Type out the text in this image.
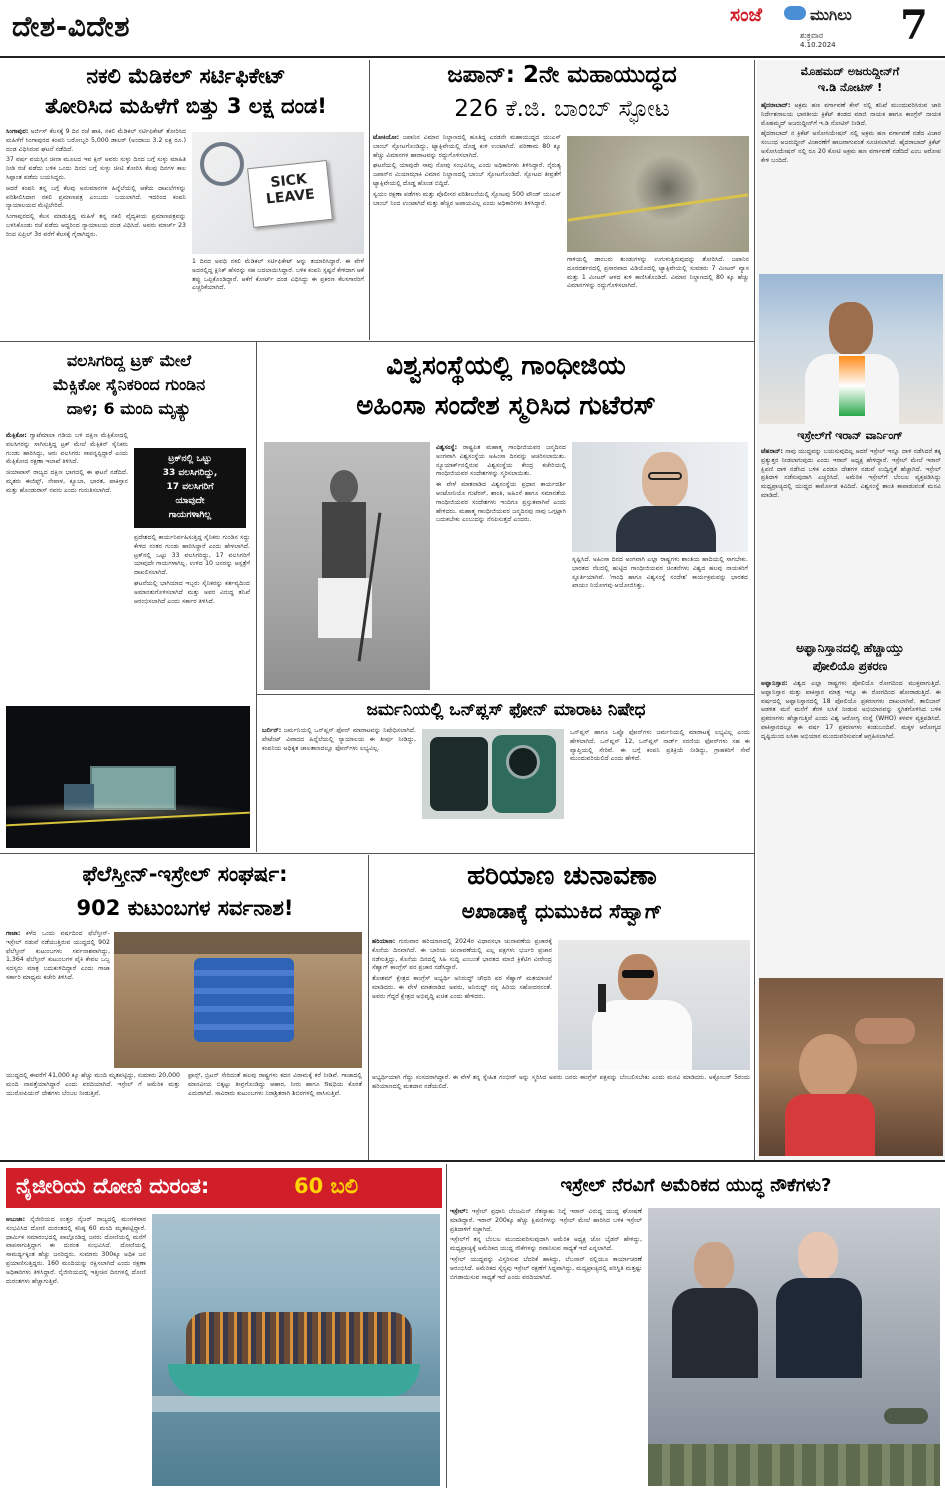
ದೇಶ-ವಿದೇಶ	ಸಂಜೆ	ಮುಗಿಲು
ಶುಕ್ರವಾರ
4.10.2024 7
ನಕಲಿ ಮೆಡಿಕಲ್ ಸರ್ಟಿಫಿಕೇಟ್
ತೋರಿಸಿದ ಮಹಿಳೆಗೆ ಬಿತ್ತು 3 ಲಕ್ಷ ದಂಡ!

ಸಿಂಗಾಪುರ: ಅರ್ಜಿಸ್ ಕೆಲಸಕ್ಕೆ 9 ದಿನ ರಜೆ ಹಾಕಿ, ನಕಲಿ ಮೆಡಿಕಲ್ ಸರ್ಟಿಫಿಕೇಟ್ ತೋರಿಸಿದ ಮಹಿಳೆಗೆ ಸಿಂಗಾಪುರದ ಕಂಪನಿ ಬರೋಬ್ಬರಿ 5,000 ಡಾಲರ್ (ಅಂದಾಜು 3.2 ಲಕ್ಷ ರೂ.) ದಂಡ ವಿಧಿಸಿರುವ ಘಟನೆ ನಡೆದಿದೆ.

37 ವರ್ಷ ವಯಸ್ಸಿನ ಚೀನಾ ಮೂಲದ ಇವ ಕ್ಸಿನ್ ಅವರು ಸುಳ್ಳು ದಿನದ ಬಗ್ಗೆ ಸುಳ್ಳು ಮಾಹಿತಿ ನೀಡಿ ರಜೆ ಪಡೆದು ಬಳಿಕ ಒಂದು ದಿನದ ಬಗ್ಗೆ ಸುಳ್ಳು ಚೀಟಿ ತೋರಿಸಿ ಕೆಲವು ದಿನಗಳ ಕಾಲ ಸಿಪ್ಪಾಂತ ಪಡೆದು ಬಯಸಿದ್ದರು.

ಆದರೆ ಕಂಪನಿ ತನ್ನ ಬಗ್ಗೆ ಕೆಲವು ಅನುಮಾನಗಳ ಹಿನ್ನೆಲೆಯಲ್ಲಿ ಆಕೆಯ ದಾಖಲೆಗಳನ್ನು ಪರಿಶೀಲಿಸಿದಾಗ ನಕಲಿ ಪ್ರಮಾಣಪತ್ರ ಎಂಬುದು ಬಯಲಾಗಿದೆ. ಇದರಿಂದ ಕಂಪನಿ ನ್ಯಾಯಾಲಯದ ಮೆಟ್ಟಿಲೇರಿದೆ.

ಸಿಂಗಾಪುರದಲ್ಲಿ ಕೆಲಸ ಮಾಡುತ್ತಿದ್ದ ಮಹಿಳೆ ತನ್ನ ನಕಲಿ ವೈದ್ಯಕೀಯ ಪ್ರಮಾಣಪತ್ರವನ್ನು ಬಳಸಿಕೊಂಡು ರಜೆ ಪಡೆದು ಆದ್ದರಿಂದ ನ್ಯಾಯಾಲಯ ದಂಡ ವಿಧಿಸಿದೆ. ಅವರು ಮಾರ್ಚ್ 23 ರಿಂದ ಏಪ್ರಿಲ್ 3ರ ವರೆಗೆ ಕೆಲಸಕ್ಕೆ ಗೈರಾಗಿದ್ದರು.

SICK
LEAVE

1 ದಿನದ ಅವಧಿ ನಕಲಿ ಮೆಡಿಕಲ್ ಸರ್ಟಿಫಿಕೇಟ್ ಅನ್ನು ತಯಾರಿಸಿದ್ದಾರೆ. ಈ ವೇಳೆ ಅದರಲ್ಲಿದ್ದ ಕ್ಲಿನಿಕ್ ಹೆಸರನ್ನು ಸಹ ಬದಲಾಯಿಸಿದ್ದಾರೆ. ಬಳಿಕ ಕಂಪನಿ ಸ್ಪಷ್ಟನೆ ಕೇಳಿದಾಗ ಆಕೆ ತಪ್ಪು ಒಪ್ಪಿಕೊಂಡಿದ್ದಾರೆ. ಆಕೆಗೆ ಕೋರ್ಟ್ ದಂಡ ವಿಧಿಸಿದ್ದು ಈ ಪ್ರಕರಣ ಕೆಲಸಗಾರರಿಗೆ ಎಚ್ಚರಿಕೆಯಾಗಿದೆ.

ಜಪಾನ್: 2ನೇ ಮಹಾಯುದ್ಧದ
226 ಕೆ.ಜಿ. ಬಾಂಬ್ ಸ್ಫೋಟ

ಟೋಕಿಯೋ: ಜಪಾನಿನ ವಿಮಾನ ನಿಲ್ದಾಣದಲ್ಲಿ ಹೂತಿದ್ದ ಎರಡನೇ ಮಹಾಯುದ್ಧದ ಯುಎಸ್ ಬಾಂಬ್ ಸ್ಫೋಟಗೊಂಡಿದ್ದು, ಟ್ಯಾಕ್ಸಿವೇಯಲ್ಲಿ ದೊಡ್ಡ ಕುಳಿ ಉಂಟಾಗಿದೆ. ಪರಿಣಾಮ 80 ಕ್ಕೂ ಹೆಚ್ಚು ವಿಮಾನಗಳ ಹಾರಾಟವನ್ನು ರದ್ದುಗೊಳಿಸಲಾಗಿದೆ.

ಘಟನೆಯಲ್ಲಿ ಯಾವುದೇ ಸಾವು ನೋವು ಸಂಭವಿಸಿಲ್ಲ ಎಂದು ಅಧಿಕಾರಿಗಳು ತಿಳಿಸಿದ್ದಾರೆ. ನೈರುತ್ಯ ಜಪಾನ್‌ನ ಮಿಯಾಝಾಕಿ ವಿಮಾನ ನಿಲ್ದಾಣದಲ್ಲಿ ಬಾಂಬ್ ಸ್ಫೋಟಗೊಂಡಿದೆ. ಸ್ಫೋಟದ ತೀವ್ರತೆಗೆ ಟ್ಯಾಕ್ಸಿವೇಯಲ್ಲಿ ದೊಡ್ಡ ಹೊಂಡ ಬಿದ್ದಿದೆ.

ಸ್ವಯಂ ರಕ್ಷಣಾ ಪಡೆಗಳು ಮತ್ತು ಪೊಲೀಸರ ಪರಿಶೀಲನೆಯಲ್ಲಿ ಸ್ಫೋಟವು 500 ಪೌಂಡ್ ಯುಎಸ್ ಬಾಂಬ್ ನಿಂದ ಉಂಟಾಗಿದೆ ಮತ್ತು ಹೆಚ್ಚಿನ ಅಪಾಯವಿಲ್ಲ ಎಂದು ಅಧಿಕಾರಿಗಳು ತಿಳಿಸಿದ್ದಾರೆ.

ಗಾಳಿಯಲ್ಲಿ ಡಾಂಬರು ತುಂಡುಗಳನ್ನು ಉಗುಳುತ್ತಿರುವುದನ್ನು ತೋರಿಸಿದೆ. ಜಪಾನಿನ ದೂರದರ್ಶನದಲ್ಲಿ ಪ್ರಸಾರವಾದ ವಿಡಿಯೊದಲ್ಲಿ ಟ್ಯಾಕ್ಸಿವೇಯಲ್ಲಿ ಸುಮಾರು 7 ಮೀಟರ್ ವ್ಯಾಸ ಮತ್ತು 1 ಮೀಟರ್ ಆಳದ ಕುಳಿ ಕಾಣಿಸಿಕೊಂಡಿದೆ. ವಿಮಾನ ನಿಲ್ದಾಣದಲ್ಲಿ 80 ಕ್ಕೂ ಹೆಚ್ಚು ವಿಮಾನಗಳನ್ನು ರದ್ದುಗೊಳಿಸಲಾಗಿದೆ.

ಮೊಹಮದ್ ಅಜರುದ್ದೀನ್‌ಗೆ
ಇ.ಡಿ ನೋಟಿಸ್ !

ಹೈದರಾಬಾದ್: ಅಕ್ರಮ ಹಣ ವರ್ಗಾವಣೆ ಕೇಸ್ ನಲ್ಲಿ ತನಿಖೆ ಮುಂದುವರಿಸಿರುವ ಜಾರಿ ನಿರ್ದೇಶನಾಲಯ ಭಾರತೀಯ ಕ್ರಿಕೆಟ್ ತಂಡದ ಮಾಜಿ ನಾಯಕ ಹಾಗೂ ಕಾಂಗ್ರೆಸ್ ನಾಯಕ ಮೊಹಮ್ಮದ್ ಅಜರುದ್ದೀನ್‌ಗೆ ಇ.ಡಿ ನೋಟಿಸ್ ನೀಡಿದೆ.

ಹೈದರಾಬಾದ್ ನ ಕ್ರಿಕೆಟ್ ಅಸೋಸಿಯೇಷನ್ ನಲ್ಲಿ ಅಕ್ರಮ ಹಣ ವರ್ಗಾವಣೆ ನಡೆದ ವಿಚಾರ ಸಂಬಂಧ ಅಜರುದ್ದೀನ್ ವಿಚಾರಣೆಗೆ ಹಾಜರಾಗುವಂತೆ ಸೂಚಿಸಲಾಗಿದೆ. ಹೈದರಾಬಾದ್ ಕ್ರಿಕೆಟ್ ಅಸೋಸಿಯೇಷನ್ ನಲ್ಲಿ ರೂ 20 ಕೋಟಿ ಅಕ್ರಮ ಹಣ ವರ್ಗಾವಣೆ ನಡೆದಿದೆ ಎಂಬ ಆರೋಪ ಕೇಳಿ ಬಂದಿದೆ.

ಇಸ್ರೇಲ್‌ಗೆ ಇರಾನ್ ವಾರ್ನಿಂಗ್

ಟೆಹರಾನ್: ನಾವು ಯುದ್ಧವನ್ನು ಬಯಸುವುದಿಲ್ಲ ಆದರೆ ಇಸ್ರೇಲ್ ಇನ್ನೂ ದಾಳಿ ನಡೆಸಿದರೆ ತಕ್ಕ ಪ್ರತ್ಯುತ್ತರ ನೀಡಲಾಗುವುದು ಎಂದು ಇರಾನ್ ಅಧ್ಯಕ್ಷ ಹೇಳಿದ್ದಾರೆ. ಇಸ್ರೇಲ್ ಮೇಲೆ ಇರಾನ್ ಕ್ಷಿಪಣಿ ದಾಳಿ ನಡೆಸಿದ ಬಳಿಕ ಎರಡೂ ದೇಶಗಳ ನಡುವೆ ಉದ್ವಿಗ್ನತೆ ಹೆಚ್ಚಾಗಿದೆ. ಇಸ್ರೇಲ್ ಪ್ರತಿದಾಳಿ ನಡೆಸುವುದಾಗಿ ಎಚ್ಚರಿಸಿದೆ. ಅಮೆರಿಕ ಇಸ್ರೇಲ್‌ಗೆ ಬೆಂಬಲ ವ್ಯಕ್ತಪಡಿಸಿದ್ದು ಮಧ್ಯಪ್ರಾಚ್ಯದಲ್ಲಿ ಯುದ್ಧದ ಕಾರ್ಮೋಡ ಕವಿದಿದೆ. ವಿಶ್ವಸಂಸ್ಥೆ ಶಾಂತಿ ಕಾಪಾಡುವಂತೆ ಮನವಿ ಮಾಡಿದೆ.

ಅಫ್ಘಾನಿಸ್ತಾನದಲ್ಲಿ ಹೆಚ್ಚಾಯ್ತು
ಪೋಲಿಯೊ ಪ್ರಕರಣ

ಅಫ್ಘಾನಿಸ್ತಾನ: ವಿಶ್ವದ ಎಲ್ಲಾ ರಾಷ್ಟ್ರಗಳು ಪೋಲಿಯೊ ರೋಗದಿಂದ ಮುಕ್ತವಾಗುತ್ತಿದೆ. ಅಫ್ಘಾನಿಸ್ತಾನ ಮತ್ತು ಪಾಕಿಸ್ತಾನ ಮಾತ್ರ ಇನ್ನೂ ಈ ರೋಗದಿಂದ ಹೋರಾಡುತ್ತಿದೆ. ಈ ವರ್ಷದಲ್ಲಿ ಅಫ್ಘಾನಿಸ್ತಾನದಲ್ಲಿ 18 ಪೋಲಿಯೊ ಪ್ರಕರಣಗಳು ದಾಖಲಾಗಿವೆ. ತಾಲಿಬಾನ್ ಆಡಳಿತ ಮನೆ ಮನೆಗೆ ತೆರಳಿ ಲಸಿಕೆ ನೀಡುವ ಅಭಿಯಾನವನ್ನು ಸ್ಥಗಿತಗೊಳಿಸಿದ ಬಳಿಕ ಪ್ರಕರಣಗಳು ಹೆಚ್ಚಾಗುತ್ತಿವೆ ಎಂದು ವಿಶ್ವ ಆರೋಗ್ಯ ಸಂಸ್ಥೆ (WHO) ಕಳವಳ ವ್ಯಕ್ತಪಡಿಸಿದೆ. ಪಾಕಿಸ್ತಾನದಲ್ಲೂ ಈ ವರ್ಷ 17 ಪ್ರಕರಣಗಳು ಕಂಡುಬಂದಿವೆ. ಮಕ್ಕಳ ಆರೋಗ್ಯದ ದೃಷ್ಟಿಯಿಂದ ಲಸಿಕಾ ಅಭಿಯಾನ ಮುಂದುವರಿಸುವಂತೆ ಆಗ್ರಹಿಸಲಾಗಿದೆ.

ವಲಸಿಗರಿದ್ದ ಟ್ರಕ್ ಮೇಲೆ
ಮೆಕ್ಸಿಕೋ ಸೈನಿಕರಿಂದ ಗುಂಡಿನ
ದಾಳಿ; 6 ಮಂದಿ ಮೃತ್ಯು

ಮೆಕ್ಸಿಕೋ: ಗ್ವಾಟೆಮಾಲಾ ಗಡಿಯ ಬಳಿ ದಕ್ಷಿಣ ಮೆಕ್ಸಿಕೋದಲ್ಲಿ ವಲಸಿಗರನ್ನು ಸಾಗಿಸುತ್ತಿದ್ದ ಟ್ರಕ್ ಮೇಲೆ ಮೆಕ್ಸಿಕನ್ ಸೈನಿಕರು ಗುಂಡು ಹಾರಿಸಿದ್ದು, ಆರು ವಲಸಿಗರು ಸಾವನ್ನಪ್ಪಿದ್ದಾರೆ ಎಂದು ಮೆಕ್ಸಿಕೋದ ರಕ್ಷಣಾ ಇಲಾಖೆ ತಿಳಿಸಿದೆ.

ಚಿಯಾಪಾಸ್ ರಾಜ್ಯದ ದಕ್ಷಿಣ ಭಾಗದಲ್ಲಿ ಈ ಘಟನೆ ನಡೆದಿದೆ. ಮೃತರು ಈಜಿಪ್ಟ್, ನೇಪಾಳ, ಕ್ಯೂಬಾ, ಭಾರತ, ಪಾಕಿಸ್ತಾನ ಮತ್ತು ಹೊಂಡುರಾಸ್ ನವರು ಎಂದು ಗುರುತಿಸಲಾಗಿದೆ.

ಟ್ರಕ್‌ನಲ್ಲಿ ಒಟ್ಟು
33 ವಲಸಿಗರಿದ್ದು,
17 ವಲಸಿಗರಿಗೆ
ಯಾವುದೇ
ಗಾಯಗಳಾಗಿಲ್ಲ

ಪ್ರದೇಶದಲ್ಲಿ ಕಾರ್ಯನಿರ್ವಹಿಸುತ್ತಿದ್ದ ಸೈನಿಕರು ಗುಂಡಿನ ಸದ್ದು ಕೇಳಿದ ನಂತರ ಗುಂಡು ಹಾರಿಸಿದ್ದಾರೆ ಎಂದು ಹೇಳಲಾಗಿದೆ. ಟ್ರಕ್‌ನಲ್ಲಿ ಒಟ್ಟು 33 ವಲಸಿಗರಿದ್ದು, 17 ವಲಸಿಗರಿಗೆ ಯಾವುದೇ ಗಾಯಗಳಾಗಿಲ್ಲ. ಉಳಿದ 10 ಜನರನ್ನು ಆಸ್ಪತ್ರೆಗೆ ದಾಖಲಿಸಲಾಗಿದೆ.

ಘಟನೆಯಲ್ಲಿ ಭಾಗಿಯಾದ ಇಬ್ಬರು ಸೈನಿಕರನ್ನು ಕರ್ತವ್ಯದಿಂದ ಅಮಾನತುಗೊಳಿಸಲಾಗಿದೆ ಮತ್ತು ಅವರ ವಿರುದ್ಧ ತನಿಖೆ ಆರಂಭಿಸಲಾಗಿದೆ ಎಂದು ಸರ್ಕಾರ ತಿಳಿಸಿದೆ.

ವಿಶ್ವಸಂಸ್ಥೆಯಲ್ಲಿ ಗಾಂಧೀಜಿಯ
ಅಹಿಂಸಾ ಸಂದೇಶ ಸ್ಮರಿಸಿದ ಗುಟೆರಸ್

ವಿಶ್ವಸಂಸ್ಥೆ: ರಾಷ್ಟ್ರಪಿತ ಮಹಾತ್ಮ ಗಾಂಧೀಜಿಯವರ ಜನ್ಮದಿನದ ಅಂಗವಾಗಿ ವಿಶ್ವಸಂಸ್ಥೆಯ ಅಹಿಂಸಾ ದಿನವನ್ನು ಆಚರಿಸಲಾಯಿತು. ನ್ಯೂಯಾರ್ಕ್‌ನಲ್ಲಿರುವ ವಿಶ್ವಸಂಸ್ಥೆಯ ಕೇಂದ್ರ ಕಚೇರಿಯಲ್ಲಿ ಗಾಂಧೀಜಿಯವರ ಸಂದೇಶಗಳನ್ನು ಸ್ಮರಿಸಲಾಯಿತು.

ಈ ವೇಳೆ ಮಾತನಾಡಿದ ವಿಶ್ವಸಂಸ್ಥೆಯ ಪ್ರಧಾನ ಕಾರ್ಯದರ್ಶಿ ಆಂಟೋನಿಯೊ ಗುಟೆರಸ್, ಶಾಂತಿ, ಅಹಿಂಸೆ ಹಾಗೂ ಸಮಾನತೆಯ ಗಾಂಧೀಜಿಯವರ ಸಂದೇಶಗಳು ಇಂದಿಗೂ ಪ್ರಸ್ತುತವಾಗಿವೆ ಎಂದು ಹೇಳಿದರು. ಮಹಾತ್ಮ ಗಾಂಧೀಜಿಯವರ ಜನ್ಮದಿನವು ನಾವು ಒಗ್ಗಟ್ಟಾಗಿ ಬದುಕಬೇಕು ಎಂಬುದನ್ನು ನೆನಪಿಸುತ್ತದೆ ಎಂದರು.

ಸೃಷ್ಟಿಸಿದೆ. ಅಹಿಂಸಾ ದಿನದ ಅಂಗವಾಗಿ ಎಲ್ಲಾ ರಾಷ್ಟ್ರಗಳು ಶಾಂತಿಯ ಹಾದಿಯಲ್ಲಿ ಸಾಗಬೇಕು. ಭಾರತದ ನೆಲದಲ್ಲಿ ಹುಟ್ಟಿದ ಗಾಂಧೀಜಿಯವರ ಚಿಂತನೆಗಳು ವಿಶ್ವದ ಹಲವು ನಾಯಕರಿಗೆ ಸ್ಫೂರ್ತಿಯಾಗಿವೆ. 'ಗಾಂಧಿ ಹಾಗೂ ವಿಶ್ವಸಂಸ್ಥೆ ಸಂದೇಶ' ಕಾರ್ಯಕ್ರಮವನ್ನು ಭಾರತದ ಖಾಯಂ ನಿಯೋಗವು ಆಯೋಜಿಸಿತ್ತು.

ಜರ್ಮನಿಯಲ್ಲಿ ಒನ್‌ಪ್ಲಸ್ ಫೋನ್ ಮಾರಾಟ ನಿಷೇಧ

ಬರ್ಲಿನ್: ಜರ್ಮನಿಯಲ್ಲಿ ಒನ್‌ಪ್ಲಸ್ ಫೋನ್ ಮಾರಾಟವನ್ನು ನಿಷೇಧಿಸಲಾಗಿದೆ. ಪೇಟೆಂಟ್ ವಿವಾದದ ಹಿನ್ನೆಲೆಯಲ್ಲಿ ನ್ಯಾಯಾಲಯ ಈ ತೀರ್ಪು ನೀಡಿದ್ದು, ಕಂಪನಿಯ ಅಧಿಕೃತ ಜಾಲತಾಣದಲ್ಲೂ ಫೋನ್‌ಗಳು ಲಭ್ಯವಿಲ್ಲ.

ಒನ್‌ಪ್ಲಸ್ ಹಾಗೂ ಒಪ್ಪೊ ಫೋನ್‌ಗಳು ಜರ್ಮನಿಯಲ್ಲಿ ಮಾರಾಟಕ್ಕೆ ಲಭ್ಯವಿಲ್ಲ ಎಂದು ಹೇಳಲಾಗಿದೆ. ಒನ್‌ಪ್ಲಸ್ 12, ಒನ್‌ಪ್ಲಸ್ ನಾರ್ಡ್ ಸರಣಿಯ ಫೋನ್‌ಗಳು ಸಹ ಈ ವ್ಯಾಪ್ತಿಯಲ್ಲಿ ಸೇರಿವೆ. ಈ ಬಗ್ಗೆ ಕಂಪನಿ ಪ್ರತಿಕ್ರಿಯೆ ನೀಡಿದ್ದು, ಗ್ರಾಹಕರಿಗೆ ಸೇವೆ ಮುಂದುವರಿಯಲಿದೆ ಎಂದು ಹೇಳಿದೆ.

ಫೆಲೆಸ್ತೀನ್-ಇಸ್ರೇಲ್ ಸಂಘರ್ಷ:
902 ಕುಟುಂಬಗಳ ಸರ್ವನಾಶ!

ಗಾಜಾ: ಕಳೆದ ಒಂದು ವರ್ಷದಿಂದ ಫೆಲೆಸ್ತೀನ್-ಇಸ್ರೇಲ್ ನಡುವೆ ನಡೆಯುತ್ತಿರುವ ಯುದ್ಧದಲ್ಲಿ 902 ಫೆಲೆಸ್ತೀನ್ ಕುಟುಂಬಗಳು ಸರ್ವನಾಶವಾಗಿದ್ದು, 1,364 ಫೆಲೆಸ್ತೀನ್ ಕುಟುಂಬಗಳ ಪೈಕಿ ಕೇವಲ ಒಬ್ಬ ಸದಸ್ಯರು ಮಾತ್ರ ಬದುಕುಳಿದಿದ್ದಾರೆ ಎಂದು ಗಾಜಾ ಸರ್ಕಾರಿ ಮಾಧ್ಯಮ ಕಚೇರಿ ತಿಳಿಸಿದೆ.

ಯುದ್ಧದಲ್ಲಿ ಈವರೆಗೆ 41,000 ಕ್ಕೂ ಹೆಚ್ಚು ಮಂದಿ ಮೃತಪಟ್ಟಿದ್ದು, ಸುಮಾರು 20,000 ಮಂದಿ ನಾಪತ್ತೆಯಾಗಿದ್ದಾರೆ ಎಂದು ವರದಿಯಾಗಿದೆ. ಇಸ್ರೇಲ್ ಗೆ ಅಮೆರಿಕ ಮತ್ತು ಯುರೋಪಿಯನ್ ದೇಶಗಳು ಬೆಂಬಲ ನೀಡುತ್ತಿವೆ.

ಫ್ರಾನ್ಸ್, ಬ್ರಿಟನ್ ಸೇರಿದಂತೆ ಹಲವು ರಾಷ್ಟ್ರಗಳು ಕದನ ವಿರಾಮಕ್ಕೆ ಕರೆ ನೀಡಿವೆ. ಗಾಜಾದಲ್ಲಿ ಮಾನವೀಯ ಬಿಕ್ಕಟ್ಟು ತೀವ್ರಗೊಂಡಿದ್ದು ಆಹಾರ, ನೀರು ಹಾಗೂ ಔಷಧಿಯ ಕೊರತೆ ಎದುರಾಗಿದೆ. ಸಾವಿರಾರು ಕುಟುಂಬಗಳು ನಿರಾಶ್ರಿತರಾಗಿ ಶಿಬಿರಗಳಲ್ಲಿ ವಾಸಿಸುತ್ತಿವೆ.

ಹರಿಯಾಣ ಚುನಾವಣಾ
ಅಖಾಡಾಕ್ಕೆ ಧುಮುಕಿದ ಸೆಹ್ವಾಗ್

ಹರಿಯಾಣ: ಗುರುವಾರ ಹರಿಯಾಣದಲ್ಲಿ 2024ರ ವಿಧಾನಸಭಾ ಚುನಾವಣೆಯ ಪ್ರಚಾರಕ್ಕೆ ಕೊನೆಯ ದಿನವಾಗಿದೆ. ಈ ಬಾರಿಯ ಚುನಾವಣೆಯಲ್ಲಿ ಎಲ್ಲ ಪಕ್ಷಗಳು ಭರ್ಜರಿ ಪ್ರಚಾರ ನಡೆಸುತ್ತಿದ್ದು, ಕೊನೆಯ ದಿನದಲ್ಲಿ ಸಿಹಿ ಸುದ್ದಿ ಎಂಬಂತೆ ಭಾರತದ ಮಾಜಿ ಕ್ರಿಕೆಟಿಗ ವೀರೇಂದ್ರ ಸೆಹ್ವಾಗ್ ಕಾಂಗ್ರೆಸ್ ಪರ ಪ್ರಚಾರ ನಡೆಸಿದ್ದಾರೆ.

ತೋಶಮ್ ಕ್ಷೇತ್ರದ ಕಾಂಗ್ರೆಸ್ ಅಭ್ಯರ್ಥಿ ಅನಿರುದ್ಧ್ ಚೌಧರಿ ಪರ ಸೆಹ್ವಾಗ್ ಮತಯಾಚನೆ ಮಾಡಿದರು. ಈ ವೇಳೆ ಮಾತನಾಡಿದ ಅವರು, ಅನಿರುದ್ಧ್ ನನ್ನ ಹಿರಿಯ ಸಹೋದರನಂತೆ. ಅವರು ಗೆದ್ದರೆ ಕ್ಷೇತ್ರದ ಅಭಿವೃದ್ಧಿ ಖಚಿತ ಎಂದು ಹೇಳಿದರು.

ಅಭ್ಯರ್ಥಿಯಾಗಿ ಗೆದ್ದು ಸಂಸದರಾಗಿದ್ದಾರೆ. ಈ ವೇಳೆ ತನ್ನ ಸ್ನೇಹಿತ ಗಂಭೀರ್ ಅನ್ನು ಸ್ಮರಿಸಿದ ಅವರು ಜನರು ಕಾಂಗ್ರೆಸ್ ಪಕ್ಷವನ್ನು ಬೆಂಬಲಿಸಬೇಕು ಎಂದು ಮನವಿ ಮಾಡಿದರು. ಅಕ್ಟೋಬರ್ 5ರಂದು ಹರಿಯಾಣದಲ್ಲಿ ಮತದಾನ ನಡೆಯಲಿದೆ.

ನೈಜೀರಿಯ ದೋಣಿ ದುರಂತ:	60 ಬಲಿ

ಅಬುಜಾ: ನೈಜೀರಿಯದ ಉತ್ತರ ನೈಜರ್ ರಾಜ್ಯದಲ್ಲಿ ಮಂಗಳವಾರ ಸಂಭವಿಸಿದ ದೋಣಿ ದುರಂತದಲ್ಲಿ ಕನಿಷ್ಠ 60 ಮಂದಿ ಮೃತಪಟ್ಟಿದ್ದಾರೆ. ಧಾರ್ಮಿಕ ಸಮಾರಂಭದಲ್ಲಿ ಪಾಲ್ಗೊಂಡಿದ್ದ ಜನರು ದೋಣಿಯಲ್ಲಿ ಮನೆಗೆ ವಾಪಸಾಗುತ್ತಿದ್ದಾಗ ಈ ದುರಂತ ಸಂಭವಿಸಿದೆ. ದೋಣಿಯಲ್ಲಿ ಸಾಮರ್ಥ್ಯಕ್ಕಿಂತ ಹೆಚ್ಚು ಜನರಿದ್ದರು. ಸುಮಾರು 300ಕ್ಕೂ ಅಧಿಕ ಜನ ಪ್ರಯಾಣಿಸುತ್ತಿದ್ದರು. 160 ಮಂದಿಯನ್ನು ರಕ್ಷಿಸಲಾಗಿದೆ ಎಂದು ರಕ್ಷಣಾ ಅಧಿಕಾರಿಗಳು ತಿಳಿಸಿದ್ದಾರೆ. ನೈಜೀರಿಯದಲ್ಲಿ ಇತ್ತೀಚಿನ ದಿನಗಳಲ್ಲಿ ದೋಣಿ ದುರಂತಗಳು ಹೆಚ್ಚಾಗುತ್ತಿವೆ.

ಇಸ್ರೇಲ್ ನೆರವಿಗೆ ಅಮೆರಿಕದ ಯುದ್ಧ ನೌಕೆಗಳು?

ಇಸ್ರೇಲ್: ಇಸ್ರೇಲ್ ಪ್ರಧಾನಿ ಬೆಂಜಮಿನ್ ನೆತನ್ಯಾಹು ನಿನ್ನೆ ಇರಾನ್ ವಿರುದ್ಧ ಯುದ್ಧ ಘೋಷಣೆ ಮಾಡಿದ್ದಾರೆ. ಇರಾನ್ 200ಕ್ಕೂ ಹೆಚ್ಚು ಕ್ಷಿಪಣಿಗಳನ್ನು ಇಸ್ರೇಲ್ ಮೇಲೆ ಹಾರಿಸಿದ ಬಳಿಕ ಇಸ್ರೇಲ್ ಪ್ರತಿದಾಳಿಗೆ ಸಜ್ಜಾಗಿದೆ.

ಇಸ್ರೇಲ್‌ಗೆ ತನ್ನ ಬೆಂಬಲ ಮುಂದುವರಿಸುವುದಾಗಿ ಅಮೆರಿಕ ಅಧ್ಯಕ್ಷ ಜೋ ಬೈಡನ್ ಹೇಳಿದ್ದು, ಮಧ್ಯಪ್ರಾಚ್ಯಕ್ಕೆ ಅಮೆರಿಕದ ಯುದ್ಧ ನೌಕೆಗಳನ್ನು ರವಾನಿಸುವ ಸಾಧ್ಯತೆ ಇದೆ ಎನ್ನಲಾಗಿದೆ.

ಇಸ್ರೇಲ್ ಯುದ್ಧವನ್ನು ವಿಸ್ತರಿಸುವ ಬೆದರಿಕೆ ಹಾಕಿದ್ದು, ಲೆಬನಾನ್ ನಲ್ಲಿಯೂ ಕಾರ್ಯಾಚರಣೆ ಆರಂಭಿಸಿದೆ. ಅಮೆರಿಕದ ಸೈನ್ಯವು ಇಸ್ರೇಲ್ ರಕ್ಷಣೆಗೆ ಸಿದ್ಧವಾಗಿದ್ದು, ಮಧ್ಯಪ್ರಾಚ್ಯದಲ್ಲಿ ಪರಿಸ್ಥಿತಿ ಮತ್ತಷ್ಟು ಬಿಗಡಾಯಿಸುವ ಸಾಧ್ಯತೆ ಇದೆ ಎಂದು ವರದಿಯಾಗಿದೆ.
